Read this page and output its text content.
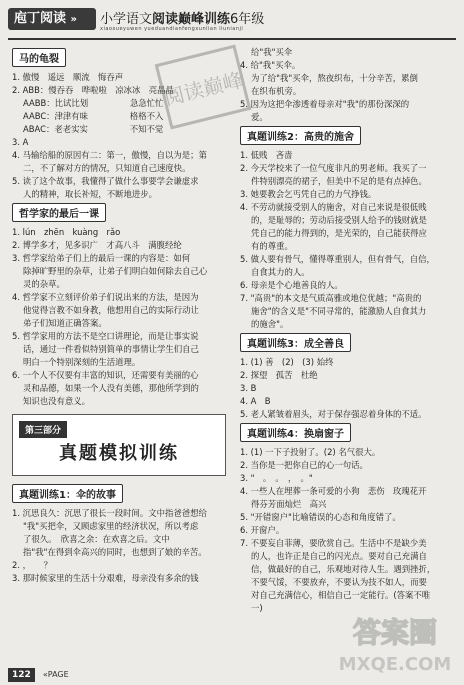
庖丁阅读 »	小学语文阅读巅峰训练6年级
xiaoxueyuwen yueduandianfengxunlian liunianji
马的龟裂
1. 傲慢　遥远　顺流　悔吞声
2. ABB：慢吞吞　哗啦啦　凉冰冰　亮晶晶
　 AABB：比试比划　　　　　急急忙忙
　 AABC：津津有味　　　　　格格不入
　 ABAC：老老实实　　　　　不知不觉
3. A
4. 马输给船的原因有二：第一，傲慢，自以为是；第
　 二，不了解对方的情况，只知道自己速度快。
5. 读了这个故事，我懂得了做什么事要学会谦虚求
　 人的精神，取长补短，不断地进步。
哲学家的最后一课
1. lún　zhēn　kuàng　rǎo
2. 博学多才，见多识广　才高八斗　满腹经纶
3. 哲学家给弟子们上的最后一课的内容是：如何
　 除掉旷野里的杂草，让弟子们明白如何除去自己心
　 灵的杂草。
4. 哲学家不立刻评价弟子们说出来的方法，是因为
　 他觉得言教不如身教，他想用自己的实际行动让
　 弟子们知道正确答案。
5. 哲学家用的方法不是空口讲理论，而是让事实说
　 话，通过一件看似特别简单的事情让学生们自己
　 明白一个特别深刻的生活道理。
6. 一个人不仅要有丰富的知识，还需要有美丽的心
　 灵和品德，如果一个人没有美德，那他所学到的
　 知识也没有意义。
第三部分
真题模拟训练
真题训练1：伞的故事
1. 沉思良久：沉思了很长一段时间。文中指爸爸想给
　 "我"买把伞，又顾虑家里的经济状况，所以考虑
　 了很久。　欣喜之余：在欢喜之后。文中
　 指"我"在得到伞高兴的同时，也想到了娘的辛苦。
2. ，　　？
3. 那时候家里的生活十分艰难，母亲没有多余的钱
　 给"我"买伞
4. 给"我"买伞。
　 为了给"我"买伞，熬夜织布，十分辛苦，累倒
　 在织布机旁。
5. 因为这把伞渗透着母亲对"我"的那份深深的
　 爱。
真题训练2：高贵的施舍
1. 低贱　吝啬
2. 今天学校来了一位气度非凡的男老师。我买了一
　 件特别漂亮的裙子，但美中不足的是有点掉色。
3. 她要教会乞丐凭自己的力气挣钱。
4. 不劳动就接受别人的施舍，对自己来说是很低贱
　 的，是耻辱的；劳动后接受别人给予的钱财就是
　 凭自己的能力得到的，是光荣的，自己能获得应
　 有的尊重。
5. 做人要有骨气，懂得尊重别人，但有骨气，自信，
　 自食其力的人。
6. 母亲是个心地善良的人。
7. "高贵"的本文是气质高雅或地位优越；"高贵的
　 施舍"的含义是"不同寻常的，能激励人自食其力
　 的施舍"。
真题训练3：成全善良
1. (1) 善　(2)　(3) 始终
2. 探望　孤苦　杜绝
3. B
4. A　B
5. 老人紧皱着眉头，对于保存强忍着身体的不适。
真题训练4：换扇窗子
1. (1) 一下子投射了。(2) 名气很大。
2. 当你是一把你自已的心一句话。
3. "　。　。　，　。"
4. 一些人在埋葬一条可爱的小狗　悲伤　玫瑰花开
　 得芬芳面灿烂　高兴
5. "开错窗户"比喻错误的心态和角度错了。
6. 开窗户。
7. 不要妄自菲薄，要欣赏自己。生活中不是缺少美
　 的人，也许正是自己的闪光点。要对自己充满自
　 信，做最好的自己，乐观地对待人生。遇到挫折，
　 不要气馁，不要放弃，不要认为技不如人，而要
　 对自己充满信心，相信自己一定能行。(答案不唯
　 一)
122 «PAGE
阅读巅峰
答案圈
MXQE.COM
